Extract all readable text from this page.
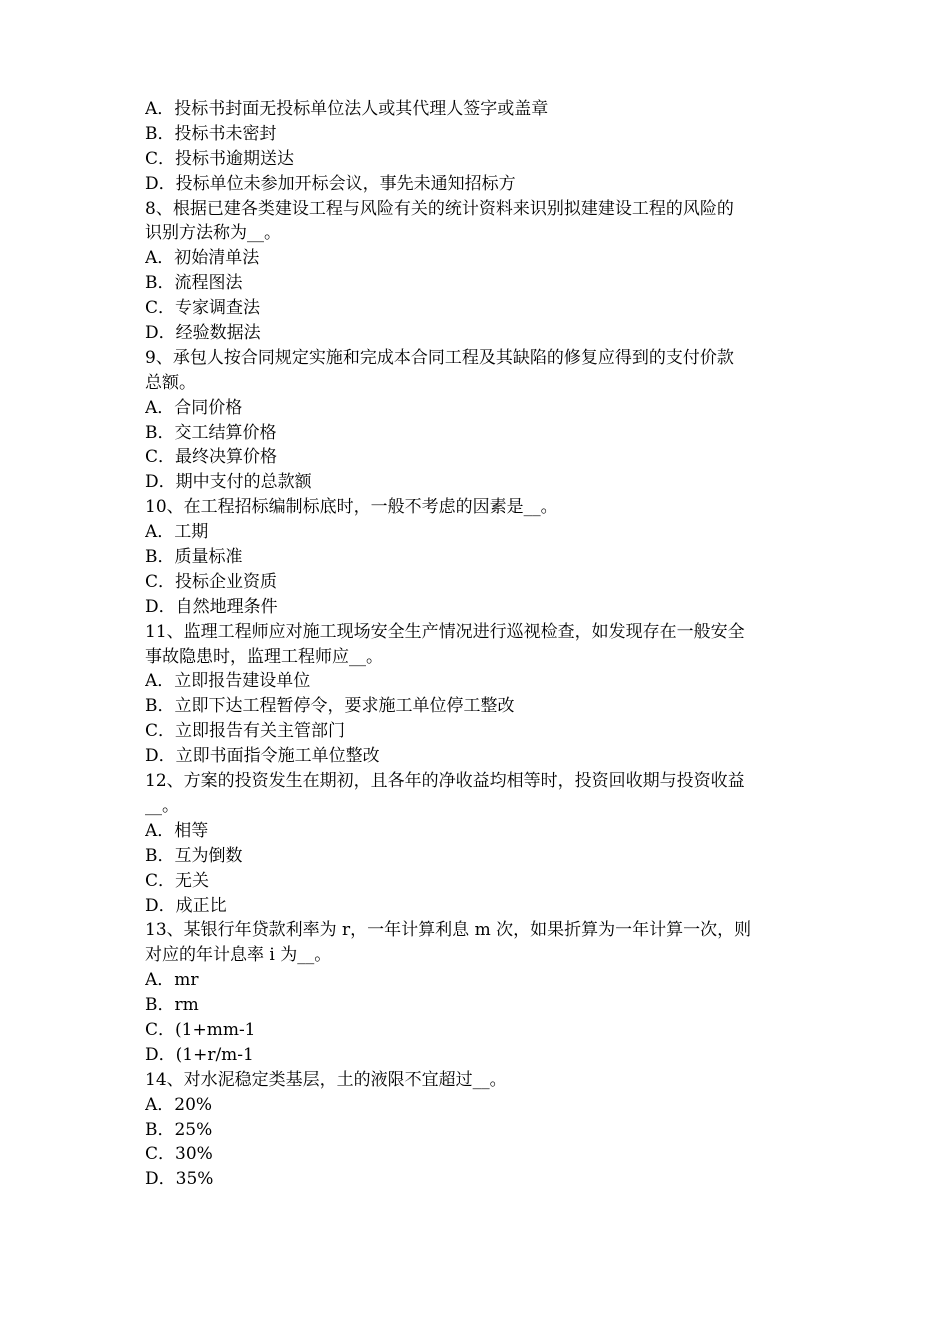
A．投标书封面无投标单位法人或其代理人签字或盖章
B．投标书未密封
C．投标书逾期送达
D．投标单位未参加开标会议，事先未通知招标方
8、根据已建各类建设工程与风险有关的统计资料来识别拟建建设工程的风险的
识别方法称为__。
A．初始清单法
B．流程图法
C．专家调查法
D．经验数据法
9、承包人按合同规定实施和完成本合同工程及其缺陷的修复应得到的支付价款
总额。
A．合同价格
B．交工结算价格
C．最终决算价格
D．期中支付的总款额
10、在工程招标编制标底时，一般不考虑的因素是__。
A．工期
B．质量标准
C．投标企业资质
D．自然地理条件
11、监理工程师应对施工现场安全生产情况进行巡视检查，如发现存在一般安全
事故隐患时，监理工程师应__。
A．立即报告建设单位
B．立即下达工程暂停令，要求施工单位停工整改
C．立即报告有关主管部门
D．立即书面指令施工单位整改
12、方案的投资发生在期初，且各年的净收益均相等时，投资回收期与投资收益
__。
A．相等
B．互为倒数
C．无关
D．成正比
13、某银行年贷款利率为 r，一年计算利息 m 次，如果折算为一年计算一次，则
对应的年计息率 i 为__。
A．mr
B．rm
C．(1+mm-1
D．(1+r/m-1
14、对水泥稳定类基层，土的液限不宜超过__。
A．20%
B．25%
C．30%
D．35%
